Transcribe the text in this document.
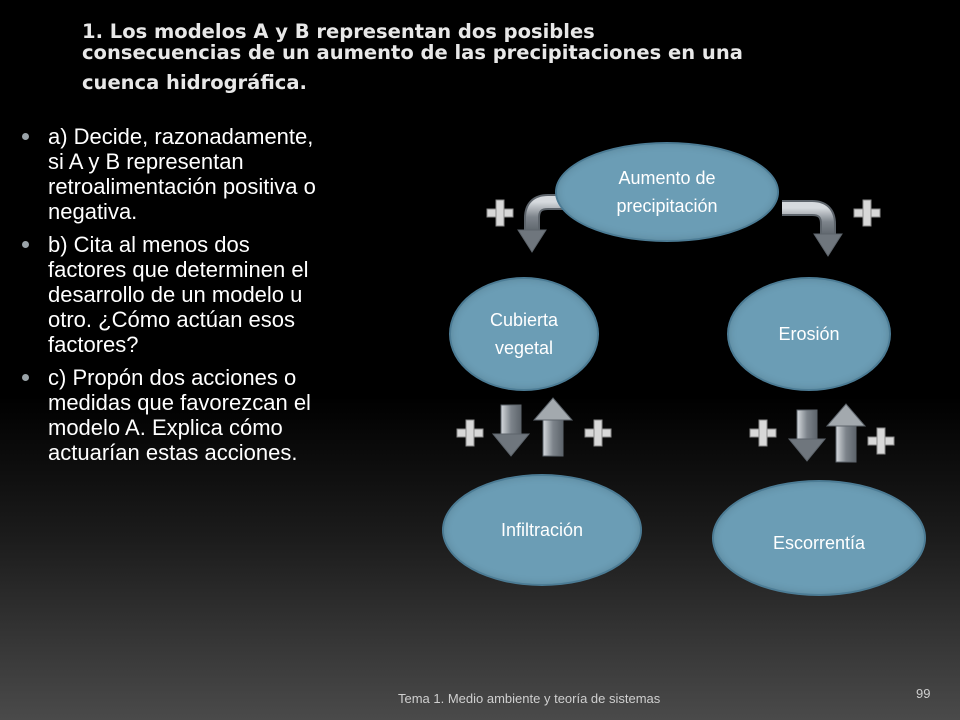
1. Los modelos A y B representan dos posibles
consecuencias de un aumento de las precipitaciones en una
cuenca hidrográfica.
a) Decide, razonadamente, si A y B representan retroalimentación positiva o negativa.
b) Cita al menos dos factores que determinen el desarrollo de un modelo u otro. ¿Cómo actúan esos factores?
c) Propón dos acciones o medidas que favorezcan el modelo A. Explica cómo actuarían estas acciones.
Aumento de precipitación
Cubierta vegetal
Erosión
Infiltración
Escorrentía
Tema 1. Medio ambiente y teoría de sistemas	99
